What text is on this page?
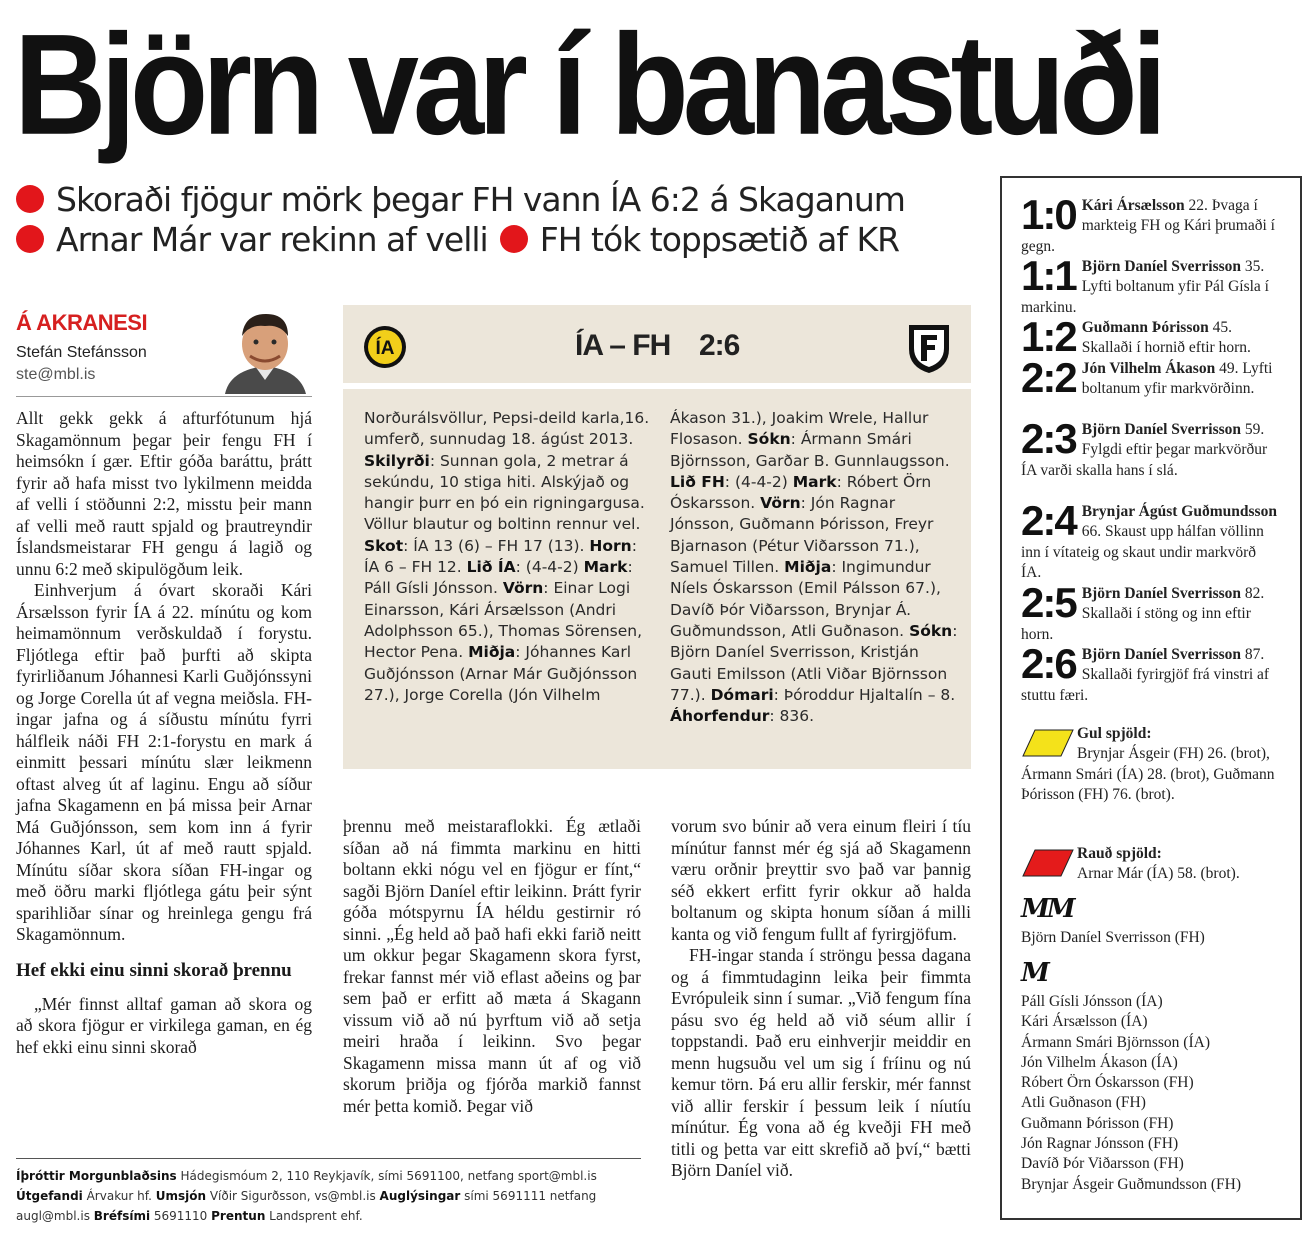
Björn var í banastuði
Skoraði fjögur mörk þegar FH vann ÍA 6:2 á Skaganum
Arnar Már var rekinn af velli FH tók toppsætið af KR
Á AKRANESI
Stefán Stefánsson
ste@mbl.is

Allt gekk gekk á afturfótunum hjá Skagamönnum þegar þeir fengu FH í heimsókn í gær. Eftir góða baráttu, þrátt fyrir að hafa misst tvo lykilmenn meidda af velli í stöðunni 2:2, misstu þeir mann af velli með rautt spjald og þrautreyndir Íslandsmeistarar FH gengu á lagið og unnu 6:2 með skipulögðum leik.

Einhverjum á óvart skoraði Kári Ársælsson fyrir ÍA á 22. mínútu og kom heimamönnum verðskuldað í forystu. Fljótlega eftir það þurfti að skipta fyrirliðanum Jóhannesi Karli Guðjónssyni og Jorge Corella út af vegna meiðsla. FH-ingar jafna og á síðustu mínútu fyrri hálfleik náði FH 2:1-forystu en mark á einmitt þessari mínútu slær leikmenn oftast alveg út af laginu. Engu að síður jafna Skagamenn en þá missa þeir Arnar Má Guðjónsson, sem kom inn á fyrir Jóhannes Karl, út af með rautt spjald. Mínútu síðar skora síðan FH-ingar og með öðru marki fljótlega gátu þeir sýnt sparihliðar sínar og hreinlega gengu frá Skagamönnum.

Hef ekki einu sinni skorað þrennu

„Mér finnst alltaf gaman að skora og að skora fjögur er virkilega gaman, en ég hef ekki einu sinni skorað

ÍA	ÍA – FH 2:6
Norðurálsvöllur, Pepsi-deild karla,16. umferð, sunnudag 18. ágúst 2013. Skilyrði: Sunnan gola, 2 metrar á sekúndu, 10 stiga hiti. Alskýjað og hangir þurr en þó ein rigningargusa. Völlur blautur og boltinn rennur vel. Skot: ÍA 13 (6) – FH 17 (13). Horn: ÍA 6 – FH 12. Lið ÍA: (4-4-2) Mark: Páll Gísli Jónsson. Vörn: Einar Logi Einarsson, Kári Ársælsson (Andri Adolphsson 65.), Thomas Sörensen, Hector Pena. Miðja: Jóhannes Karl Guðjónsson (Arnar Már Guðjónsson 27.), Jorge Corella (Jón Vilhelm
Ákason 31.), Joakim Wrele, Hallur Flosason. Sókn: Ármann Smári Björnsson, Garðar B. Gunnlaugsson. Lið FH: (4-4-2) Mark: Róbert Örn Óskarsson. Vörn: Jón Ragnar Jónsson, Guðmann Þórisson, Freyr Bjarnason (Pétur Viðarsson 71.), Samuel Tillen. Miðja: Ingimundur Níels Óskarsson (Emil Pálsson 67.), Davíð Þór Viðarsson, Brynjar Á. Guðmundsson, Atli Guðnason. Sókn: Björn Daníel Sverrisson, Kristján Gauti Emilsson (Atli Viðar Björnsson 77.). Dómari: Þóroddur Hjaltalín – 8. Áhorfendur: 836.

þrennu með meistaraflokki. Ég ætlaði síðan að ná fimmta markinu en hitti boltann ekki nógu vel en fjögur er fínt,“ sagði Björn Daníel eftir leikinn. Þrátt fyrir góða mótspyrnu ÍA héldu gestirnir ró sinni. „Ég held að það hafi ekki farið neitt um okkur þegar Skagamenn skora fyrst, frekar fannst mér við eflast aðeins og þar sem það er erfitt að mæta á Skagann vissum við að nú þyrftum við að setja meiri hraða í leikinn. Svo þegar Skagamenn missa mann út af og við skorum þriðja og fjórða markið fannst mér þetta komið. Þegar við

vorum svo búnir að vera einum fleiri í tíu mínútur fannst mér ég sjá að Skagamenn væru orðnir þreyttir svo það var þannig séð ekkert erfitt fyrir okkur að halda boltanum og skipta honum síðan á milli kanta og við fengum fullt af fyrirgjöfum.

FH-ingar standa í ströngu þessa dagana og á fimmtudaginn leika þeir fimmta Evrópuleik sinn í sumar. „Við fengum fína pásu svo ég held að við séum allir í toppstandi. Það eru einhverjir meiddir en menn hugsuðu vel um sig í fríinu og nú kemur törn. Þá eru allir ferskir, mér fannst við allir ferskir í þessum leik í níutíu mínútur. Ég vona að ég kveðji FH með titli og þetta var eitt skrefið að því,“ bætti Björn Daníel við.

Íþróttir Morgunblaðsins Hádegismóum 2, 110 Reykjavík, sími 5691100, netfang sport@mbl.is
Útgefandi Árvakur hf. Umsjón Víðir Sigurðsson, vs@mbl.is Auglýsingar sími 5691111 netfang
augl@mbl.is Bréfsími 5691110 Prentun Landsprent ehf.
1:0 Kári Ársælsson 22. Þvaga í markteig FH og Kári þrumaði í gegn.
1:1 Björn Daníel Sverrisson 35. Lyfti boltanum yfir Pál Gísla í markinu.
1:2 Guðmann Þórisson 45. Skallaði í hornið eftir horn.
2:2 Jón Vilhelm Ákason 49. Lyfti boltanum yfir markvörðinn.
2:3 Björn Daníel Sverrisson 59. Fylgdi eftir þegar markvörður ÍA varði skalla hans í slá.
2:4 Brynjar Ágúst Guðmundsson 66. Skaust upp hálfan völlinn inn í vítateig og skaut undir markvörð ÍA.
2:5 Björn Daníel Sverrisson 82. Skallaði í stöng og inn eftir horn.
2:6 Björn Daníel Sverrisson 87. Skallaði fyrirgjöf frá vinstri af stuttu færi.
Gul spjöld:
Brynjar Ásgeir (FH) 26. (brot), Ármann Smári (ÍA) 28. (brot), Guðmann Þórisson (FH) 76. (brot).
Rauð spjöld:
Arnar Már (ÍA) 58. (brot).
MM
Björn Daníel Sverrisson (FH)
M
Páll Gísli Jónsson (ÍA)
Kári Ársælsson (ÍA)
Ármann Smári Björnsson (ÍA)
Jón Vilhelm Ákason (ÍA)
Róbert Örn Óskarsson (FH)
Atli Guðnason (FH)
Guðmann Þórisson (FH)
Jón Ragnar Jónsson (FH)
Davíð Þór Viðarsson (FH)
Brynjar Ásgeir Guðmundsson (FH)
